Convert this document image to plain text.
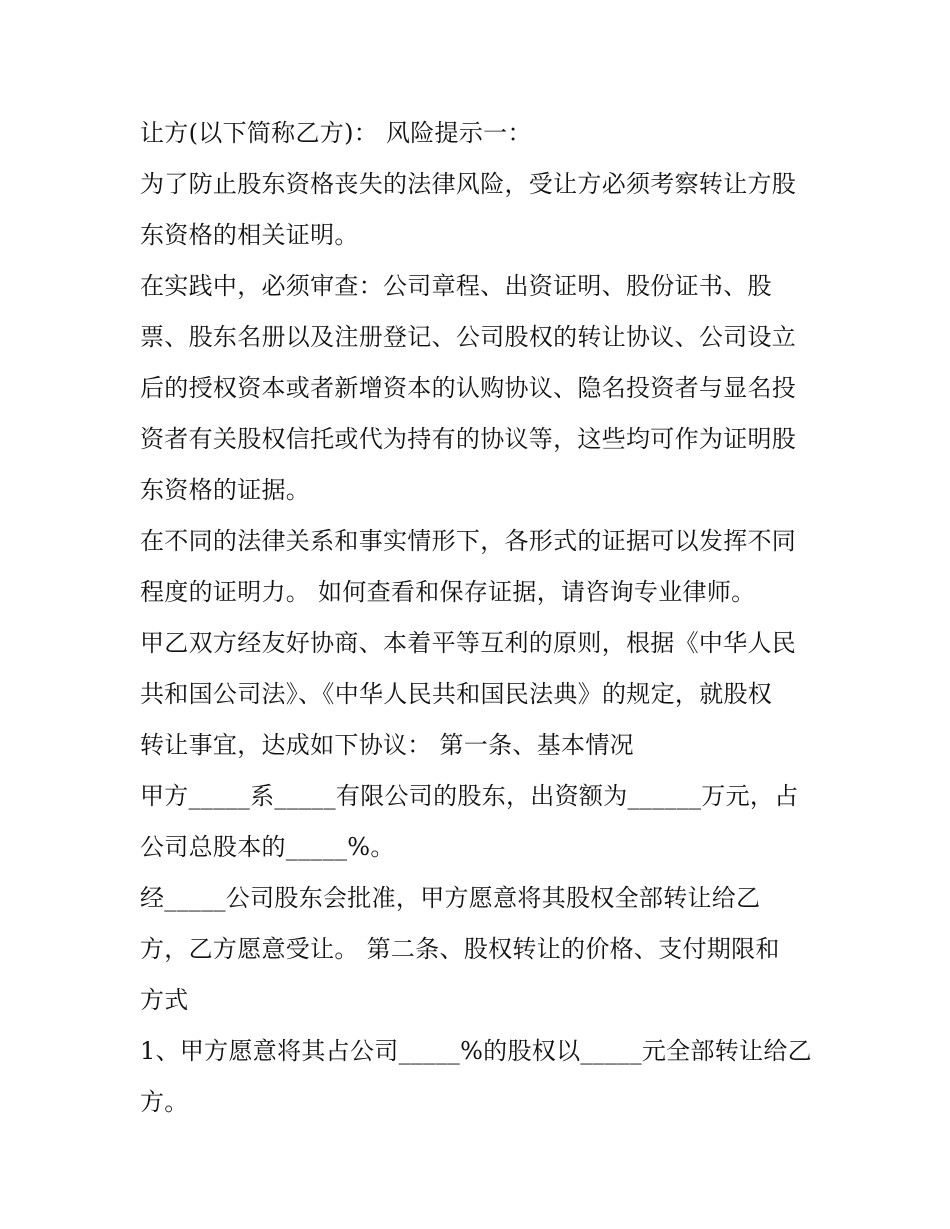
让方(以下简称乙方)： 风险提示一：
为了防止股东资格丧失的法律风险，受让方必须考察转让方股
东资格的相关证明。
在实践中，必须审查：公司章程、出资证明、股份证书、股
票、股东名册以及注册登记、公司股权的转让协议、公司设立
后的授权资本或者新增资本的认购协议、隐名投资者与显名投
资者有关股权信托或代为持有的协议等，这些均可作为证明股
东资格的证据。
在不同的法律关系和事实情形下，各形式的证据可以发挥不同
程度的证明力。 如何查看和保存证据，请咨询专业律师。
甲乙双方经友好协商、本着平等互利的原则，根据《中华人民
共和国公司法》、《中华人民共和国民法典》的规定，就股权
转让事宜，达成如下协议： 第一条、基本情况
甲方_____系_____有限公司的股东，出资额为______万元，占
公司总股本的_____%。
经_____公司股东会批准，甲方愿意将其股权全部转让给乙
方，乙方愿意受让。 第二条、股权转让的价格、支付期限和
方式
1、甲方愿意将其占公司_____%的股权以_____元全部转让给乙
方。
